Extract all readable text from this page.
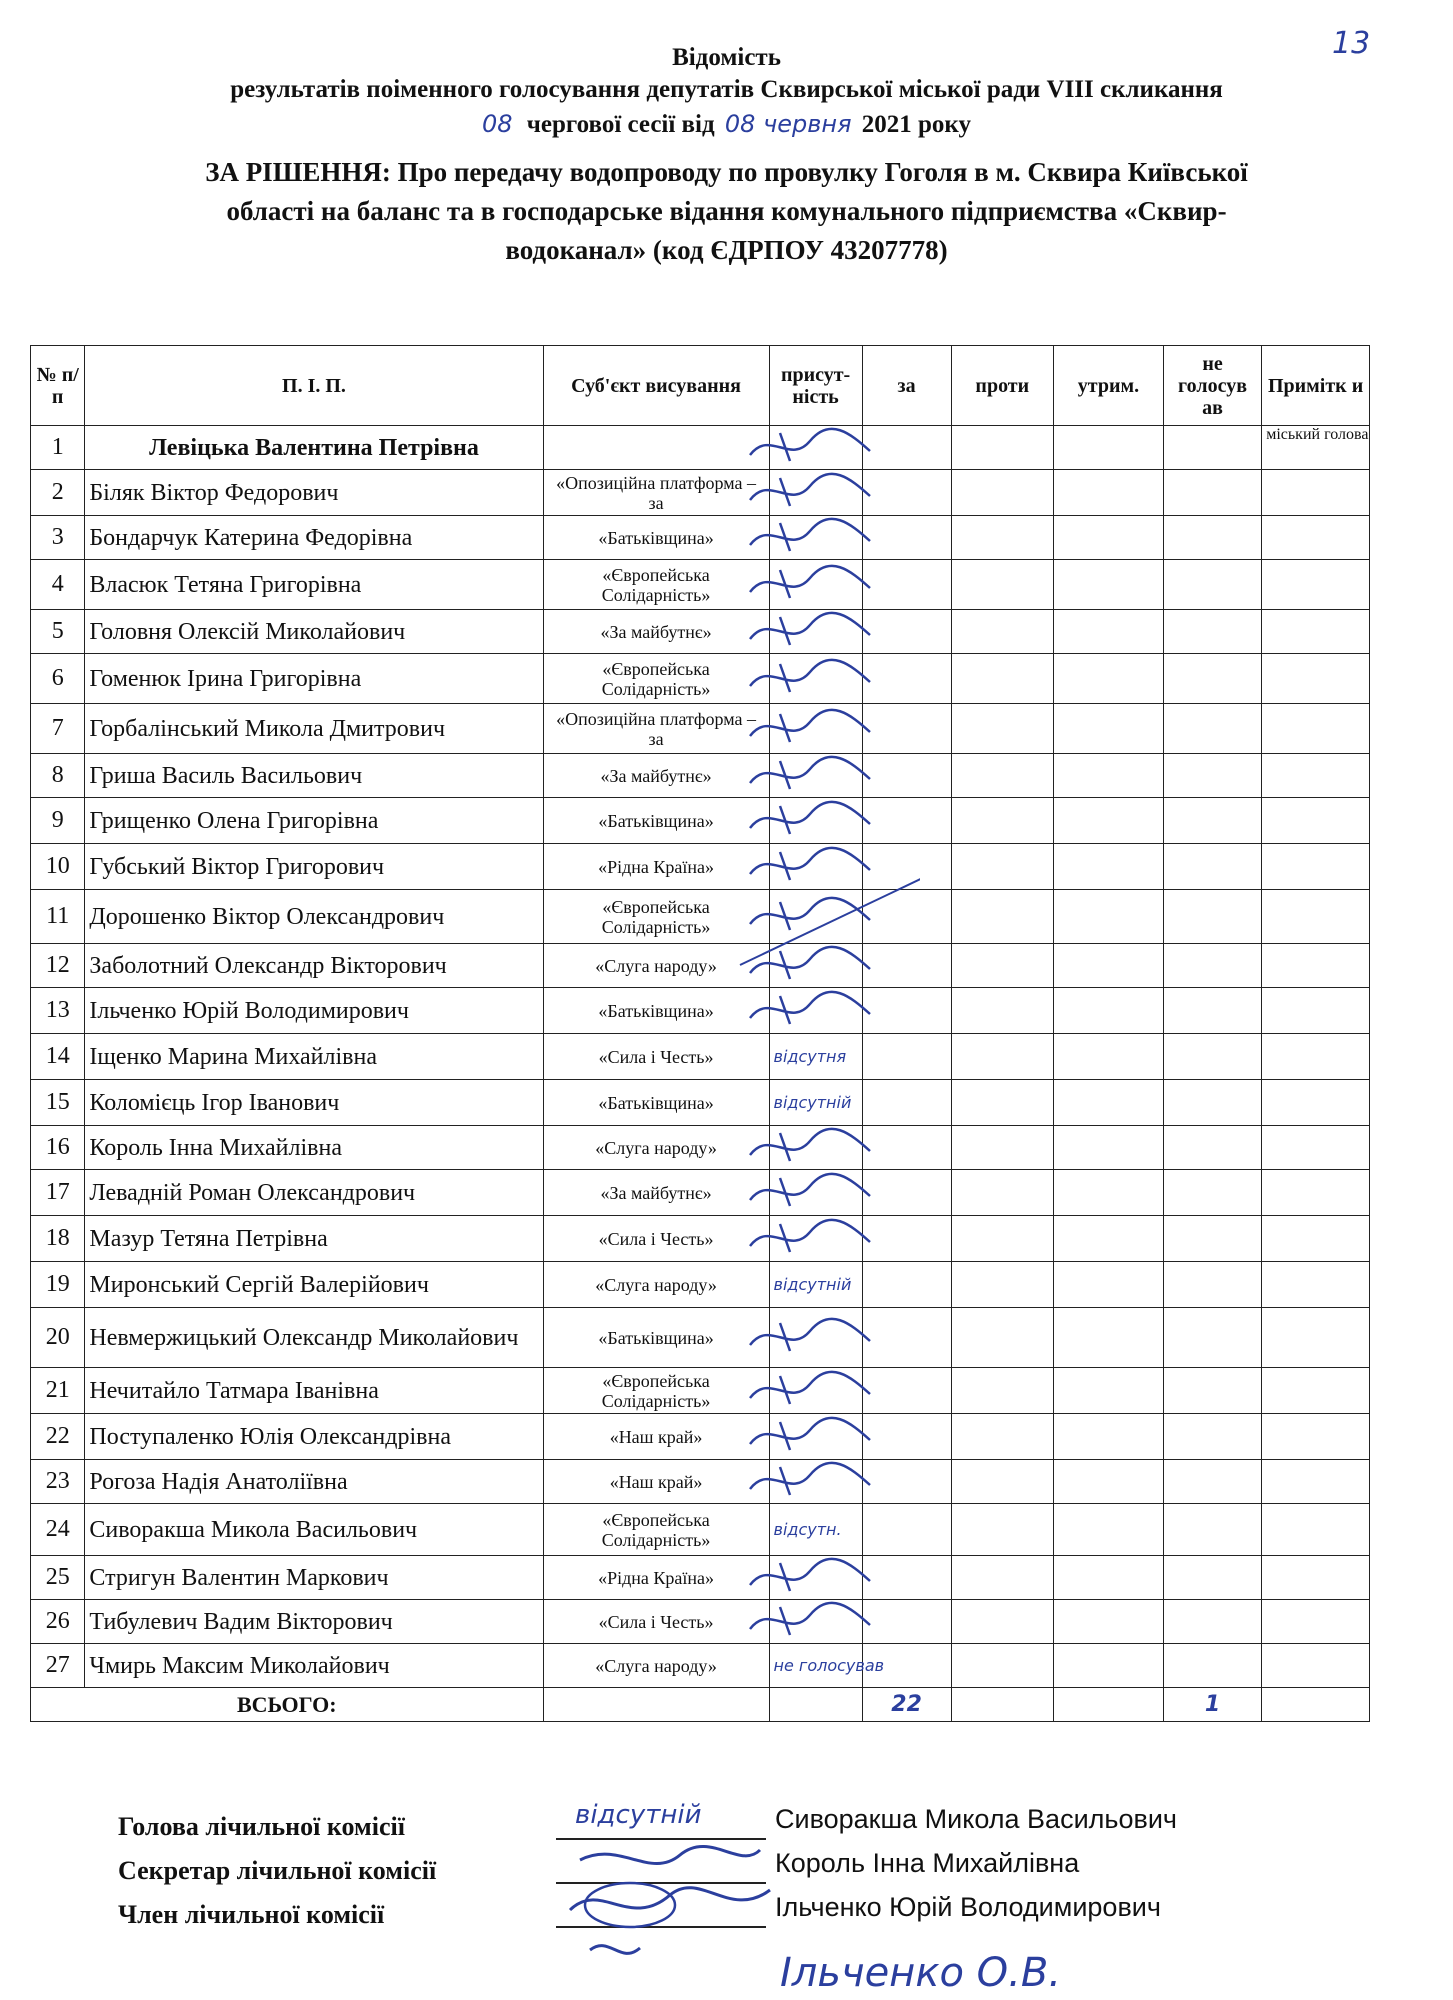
13
Відомість
результатів поіменного голосування депутатів Сквирської міської ради VIII скликання
08 чергової сесії від 08 червня 2021 року
ЗА РІШЕННЯ: Про передачу водопроводу по провулку Гоголя в м. Сквира Київської
області на баланс та в господарське відання комунального підприємства «Сквир-
водоканал» (код ЄДРПОУ 43207778)
№ п/п	П. І. П.	Суб'єкт висування	присут-ність	за	проти	утрим.	не голосув ав	Примітк и
1	Левіцька Валентина Петрівна							міський голова
2	Біляк Віктор Федорович	«Опозиційна платформа – за						
3	Бондарчук Катерина Федорівна	«Батьківщина»						
4	Власюк Тетяна Григорівна	«Європейська Солідарність»						
5	Головня Олексій Миколайович	«За майбутнє»						
6	Гоменюк Ірина Григорівна	«Європейська Солідарність»						
7	Горбалінський Микола Дмитрович	«Опозиційна платформа – за						
8	Гриша Василь Васильович	«За майбутнє»						
9	Грищенко Олена Григорівна	«Батьківщина»						
10	Губський Віктор Григорович	«Рідна Країна»						
11	Дорошенко Віктор Олександрович	«Європейська Солідарність»						
12	Заболотний Олександр Вікторович	«Слуга народу»						
13	Ільченко Юрій Володимирович	«Батьківщина»						
14	Іщенко Марина Михайлівна	«Сила і Честь»	відсутня					
15	Коломієць Ігор Іванович	«Батьківщина»	відсутній					
16	Король Інна Михайлівна	«Слуга народу»						
17	Левадній Роман Олександрович	«За майбутнє»						
18	Мазур Тетяна Петрівна	«Сила і Честь»						
19	Миронський Сергій Валерійович	«Слуга народу»	відсутній					
20	Невмержицький Олександр Миколайович	«Батьківщина»						
21	Нечитайло Татмара Іванівна	«Європейська Солідарність»						
22	Поступаленко Юлія Олександрівна	«Наш край»						
23	Рогоза Надія Анатоліївна	«Наш край»						
24	Сиворакша Микола Васильович	«Європейська Солідарність»	відсутн.					
25	Стригун Валентин Маркович	«Рідна Країна»						
26	Тибулевич Вадим Вікторович	«Сила і Честь»						
27	Чмирь Максим Миколайович	«Слуга народу»	не голосував					
ВСЬОГО:				22			1	
Голова лічильної комісії
Секретар лічильної комісії
Член лічильної комісії
відсутній	Сиворакша Микола Васильович
Король Інна Михайлівна
Ільченко Юрій Володимирович
Ільченко О.В.
